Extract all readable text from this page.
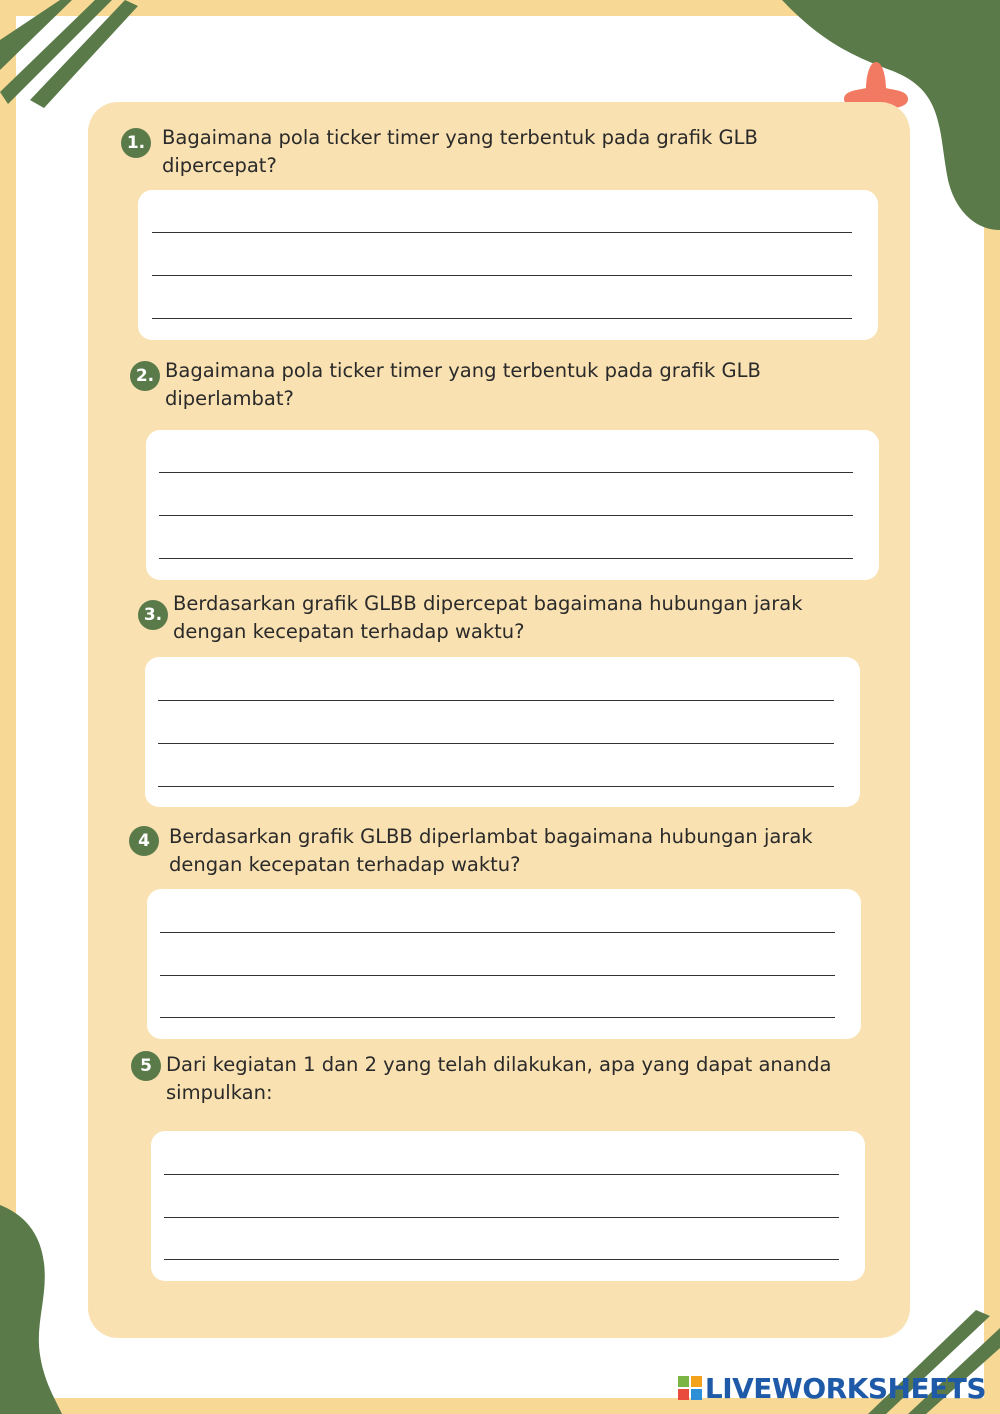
1. Bagaimana pola ticker timer yang terbentuk pada grafik GLB dipercepat?
2. Bagaimana pola ticker timer yang terbentuk pada grafik GLB diperlambat?
3. Berdasarkan grafik GLBB dipercepat bagaimana hubungan jarak dengan kecepatan terhadap waktu?
4 Berdasarkan grafik GLBB diperlambat bagaimana hubungan jarak dengan kecepatan terhadap waktu?
5 Dari kegiatan 1 dan 2 yang telah dilakukan, apa yang dapat ananda simpulkan:
LIVEWORKSHEETS
